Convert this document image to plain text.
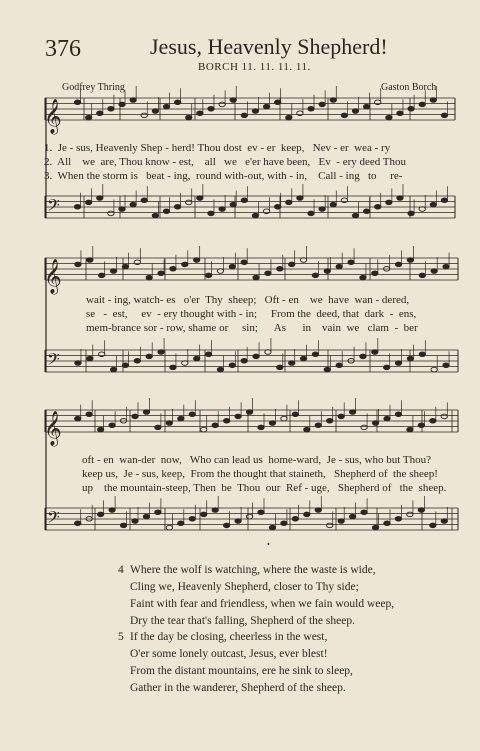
376	Jesus, Heavenly Shepherd!
BORCH 11. 11. 11. 11.
Godfrey Thring	Gaston Borch
𝄞
𝄢
𝄞
𝄢
𝄞
𝄢
1.  Je - sus, Heavenly Shep - herd! Thou dost  ev - er  keep,   Nev - er  wea - ry
2.  All    we  are, Thou know - est,    all   we   e'er have been,   Ev  - ery deed Thou
3.  When the storm is   beat - ing,  round with-out, with - in,    Call - ing   to     re-
wait - ing, watch- es   o'er  Thy  sheep;   Oft - en    we  have  wan - dered,
se   -  est,     ev  - ery thought with - in;     From the  deed, that  dark  -  ens,
mem-brance sor - row, shame or     sin;      As      in    vain  we   clam  -  ber
oft - en  wan-der  now,   Who can lead us  home-ward,  Je - sus, who but Thou?
keep us,  Je - sus, keep,  From the thought that staineth,   Shepherd of  the sheep!
up    the mountain-steep, Then  be  Thou  our  Ref - uge,   Shepherd of   the  sheep.
4 Where the wolf is watching, where the waste is wide,
Cling we, Heavenly Shepherd, closer to Thy side;
Faint with fear and friendless, when we fain would weep,
Dry the tear that's falling, Shepherd of the sheep.
5 If the day be closing, cheerless in the west,
O'er some lonely outcast, Jesus, ever blest!
From the distant mountains, ere he sink to sleep,
Gather in the wanderer, Shepherd of the sheep.
•
